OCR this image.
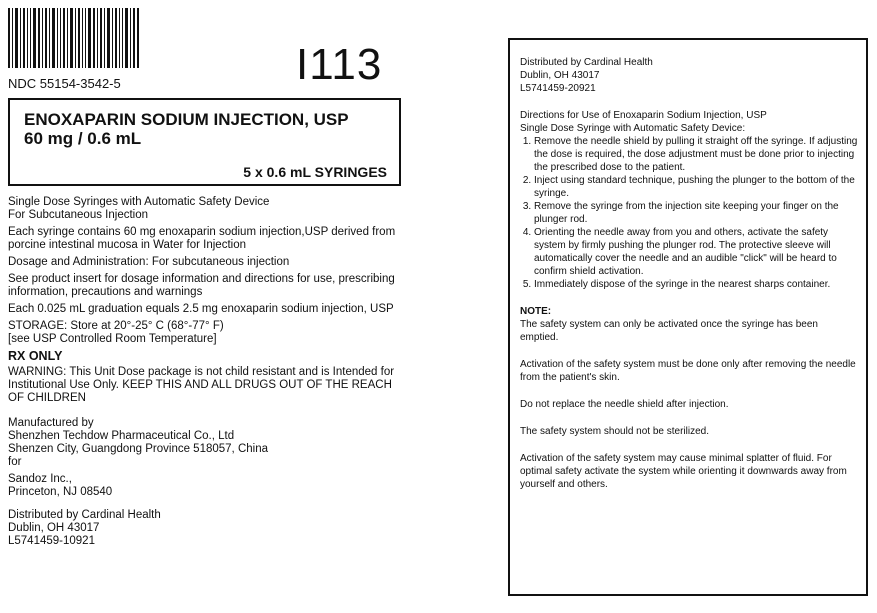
NDC 55154-3542-5	I113
ENOXAPARIN SODIUM INJECTION, USP
60 mg / 0.6 mL
5 x 0.6 mL SYRINGES

Single Dose Syringes with Automatic Safety Device

For Subcutaneous Injection

Each syringe contains 60 mg enoxaparin sodium injection,USP derived from porcine intestinal mucosa in Water for Injection

Dosage and Administration: For subcutaneous injection

See product insert for dosage information and directions for use, prescribing information, precautions and warnings

Each 0.025 mL graduation equals 2.5 mg enoxaparin sodium injection, USP

STORAGE: Store at 20°-25° C (68°-77° F)

[see USP Controlled Room Temperature]

RX ONLY

WARNING: This Unit Dose package is not child resistant and is Intended for Institutional Use Only. KEEP THIS AND ALL DRUGS OUT OF THE REACH OF CHILDREN

Manufactured by

Shenzhen Techdow Pharmaceutical Co., Ltd

Shenzen City, Guangdong Province 518057, China

for

Sandoz Inc.,

Princeton, NJ 08540

Distributed by Cardinal Health

Dublin, OH 43017

L5741459-10921

Distributed by Cardinal Health

Dublin, OH 43017

L5741459-20921

Directions for Use of Enoxaparin Sodium Injection, USP

Single Dose Syringe with Automatic Safety Device:

1. Remove the needle shield by pulling it straight off the syringe. If adjusting the dose is required, the dose adjustment must be done prior to injecting the prescribed dose to the patient.
2. Inject using standard technique, pushing the plunger to the bottom of the syringe.
3. Remove the syringe from the injection site keeping your finger on the plunger rod.
4. Orienting the needle away from you and others, activate the safety system by firmly pushing the plunger rod. The protective sleeve will automatically cover the needle and an audible "click" will be heard to confirm shield activation.
5. Immediately dispose of the syringe in the nearest sharps container.

NOTE:

The safety system can only be activated once the syringe has been emptied.

Activation of the safety system must be done only after removing the needle from the patient's skin.

Do not replace the needle shield after injection.

The safety system should not be sterilized.

Activation of the safety system may cause minimal splatter of fluid. For optimal safety activate the system while orienting it downwards away from yourself and others.
